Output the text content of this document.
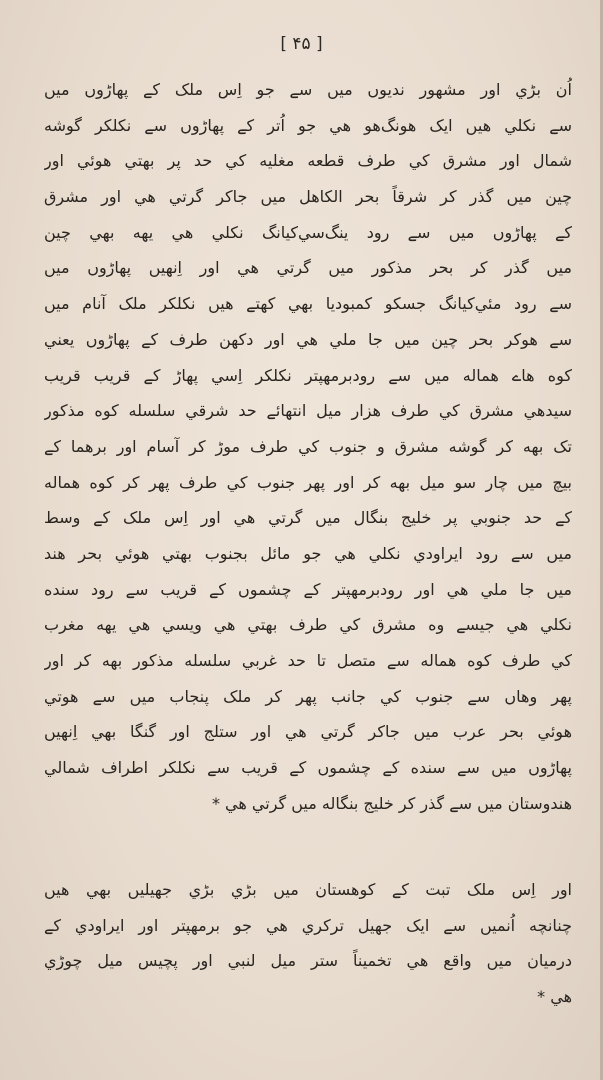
[ ۴۵ ]
اُن بڑي اور مشهور نديوں ميں سے جو اِس ملک کے پهاڑوں ميں
سے نکلي هيں ايک هونگ‌هو هي جو اُتر کے پهاڑوں سے نکلکر گوشه
شمال اور مشرق کي طرف قطعه مغليه کي حد پر بهتي هوئي اور
چين ميں گذر کر شرقاً بحر الکاهل ميں جاکر گرتي هي اور مشرق
کے پهاڑوں ميں سے رود ينگ‌سي‌کيانگ نکلي هي يهه بهي چين
ميں گذر کر بحر مذکور ميں گرتي هي اور اِنهيں پهاڑوں ميں
سے رود مئي‌کيانگ جسکو کمبوديا بهي کهتے هيں نکلکر ملک آنام ميں
سے هوکر بحر چين ميں جا ملي هي اور دکهن طرف کے پهاڑوں يعني
کوه هاے هماله ميں سے رودبرمهپتر نکلکر اِسي پهاڑ کے قريب قريب
سيدهي مشرق کي طرف هزار ميل انتهائے حد شرقي سلسله کوه مذکور
تک بهه کر گوشه مشرق و جنوب کي طرف موڑ کر آسام اور برهما کے
بيچ ميں چار سو ميل بهه کر اور پهر جنوب کي طرف پهر کر کوه هماله
کے حد جنوبي پر خليج بنگال ميں گرتي هي اور اِس ملک کے وسط
ميں سے رود ايراودي نکلي هي جو مائل بجنوب بهتي هوئي بحر هند
ميں جا ملي هي اور رودبرمهپتر کے چشموں کے قريب سے رود سنده
نکلي هي جيسے وه مشرق کي طرف بهتي هي ويسي هي يهه مغرب
کي طرف کوه هماله سے متصل تا حد غربي سلسله مذکور بهه کر اور
پهر وهاں سے جنوب کي جانب پهر کر ملک پنجاب ميں سے هوتي
هوئي بحر عرب ميں جاکر گرتي هي اور ستلج اور گنگا بهي اِنهيں
پهاڑوں ميں سے سنده کے چشموں کے قريب سے نکلکر اطراف شمالي
هندوستان ميں سے گذر کر خليج بنگاله ميں گرتي هي *
اور اِس ملک تبت کے کوهستان ميں بڑي بڑي جهيليں بهي هيں
چنانچه اُنميں سے ايک جهيل ترکري هي جو برمهپتر اور ايراودي کے
درميان ميں واقع هي تخميناً ستر ميل لنبي اور پچيس ميل چوڑي
هي *
